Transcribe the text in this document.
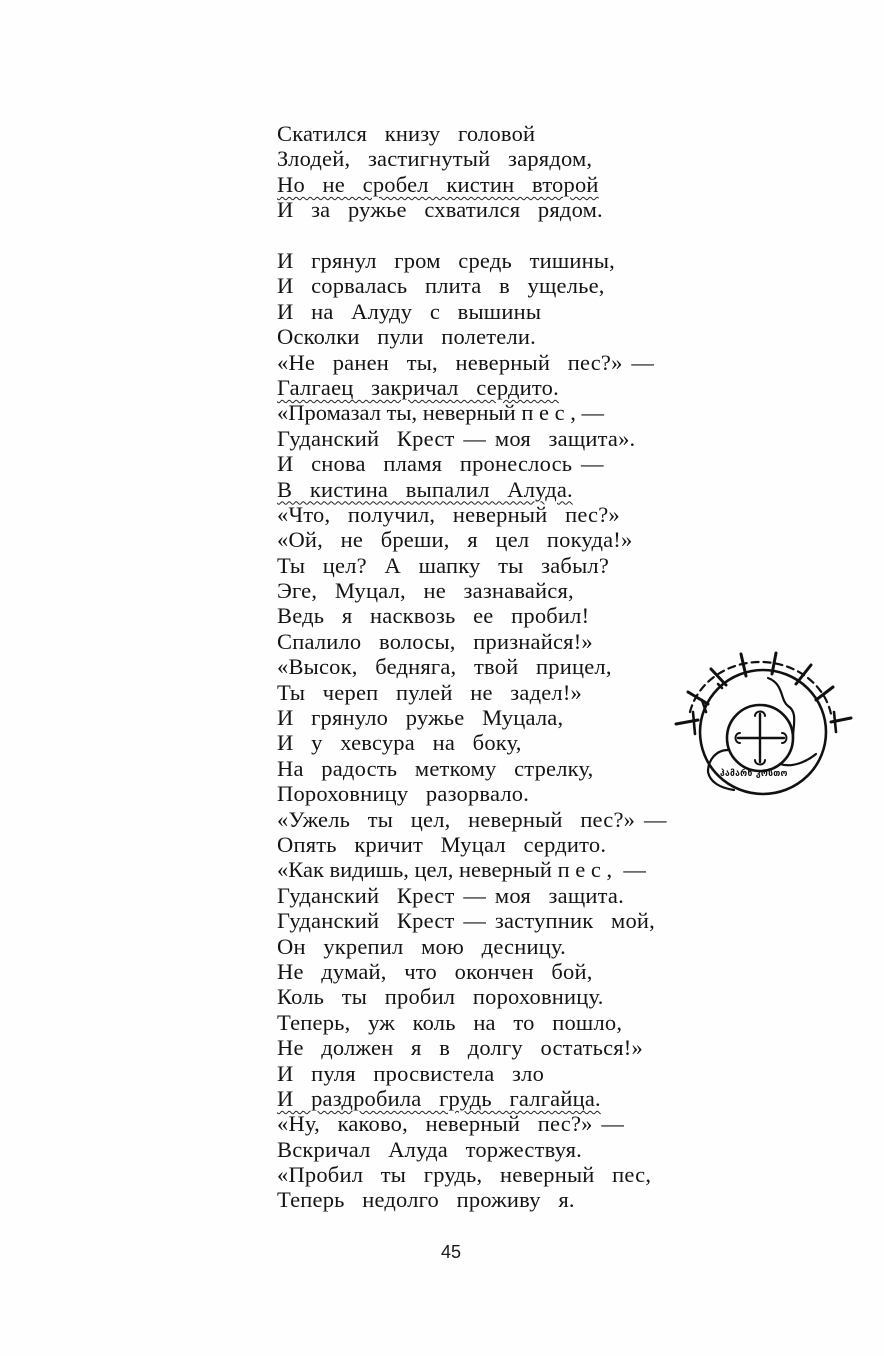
Скатился  книзу  головой
Злодей,  застигнутый  зарядом,
Но  не  сробел  кистин  второй
И  за  ружье  схватился  рядом.
И  грянул  гром  средь  тишины,
И  сорвалась  плита  в  ущелье,
И  на  Алуду  с  вышины
Осколки  пули  полетели.
«Не  ранен  ты,  неверный  пес?» —
Галгаец  закричал  сердито.
«Промазал ты, неверный п е с , —
Гуданский  Крест — моя  защита».
И  снова  пламя  пронеслось —
В  кистина  выпалил  Алуда.
«Что,  получил,  неверный  пес?»
«Ой,  не  бреши,  я  цел  покуда!»
Ты  цел?  А  шапку  ты  забыл?
Эге,  Муцал,  не  зазнавайся,
Ведь  я  насквозь  ее  пробил!
Спалило  волосы,  признайся!»
«Высок,  бедняга,  твой  прицел,
Ты  череп  пулей  не  задел!»
И  грянуло  ружье  Муцала,
И  у  хевсура  на  боку,
На  радость  меткому  стрелку,
Пороховницу  разорвало.
«Ужель  ты  цел,  неверный  пес?» —
Опять  кричит  Муцал  сердито.
«Как видишь, цел, неверный п е с ,  —
Гуданский  Крест — моя  защита.
Гуданский  Крест — заступник  мой,
Он  укрепил  мою  десницу.
Не  думай,  что  окончен  бой,
Коль  ты  пробил  пороховницу.
Теперь,  уж  коль  на  то  пошло,
Не  должен  я  в  долгу  остаться!»
И  пуля  просвистела  зло
И  раздробила  грудь  галгайца.
«Ну,  каково,  неверный  пес?» —
Вскричал  Алуда  торжествуя.
«Пробил  ты  грудь,  неверный  пес,
Теперь  недолго  проживу  я.
ჰამარნ კოსთო
45
